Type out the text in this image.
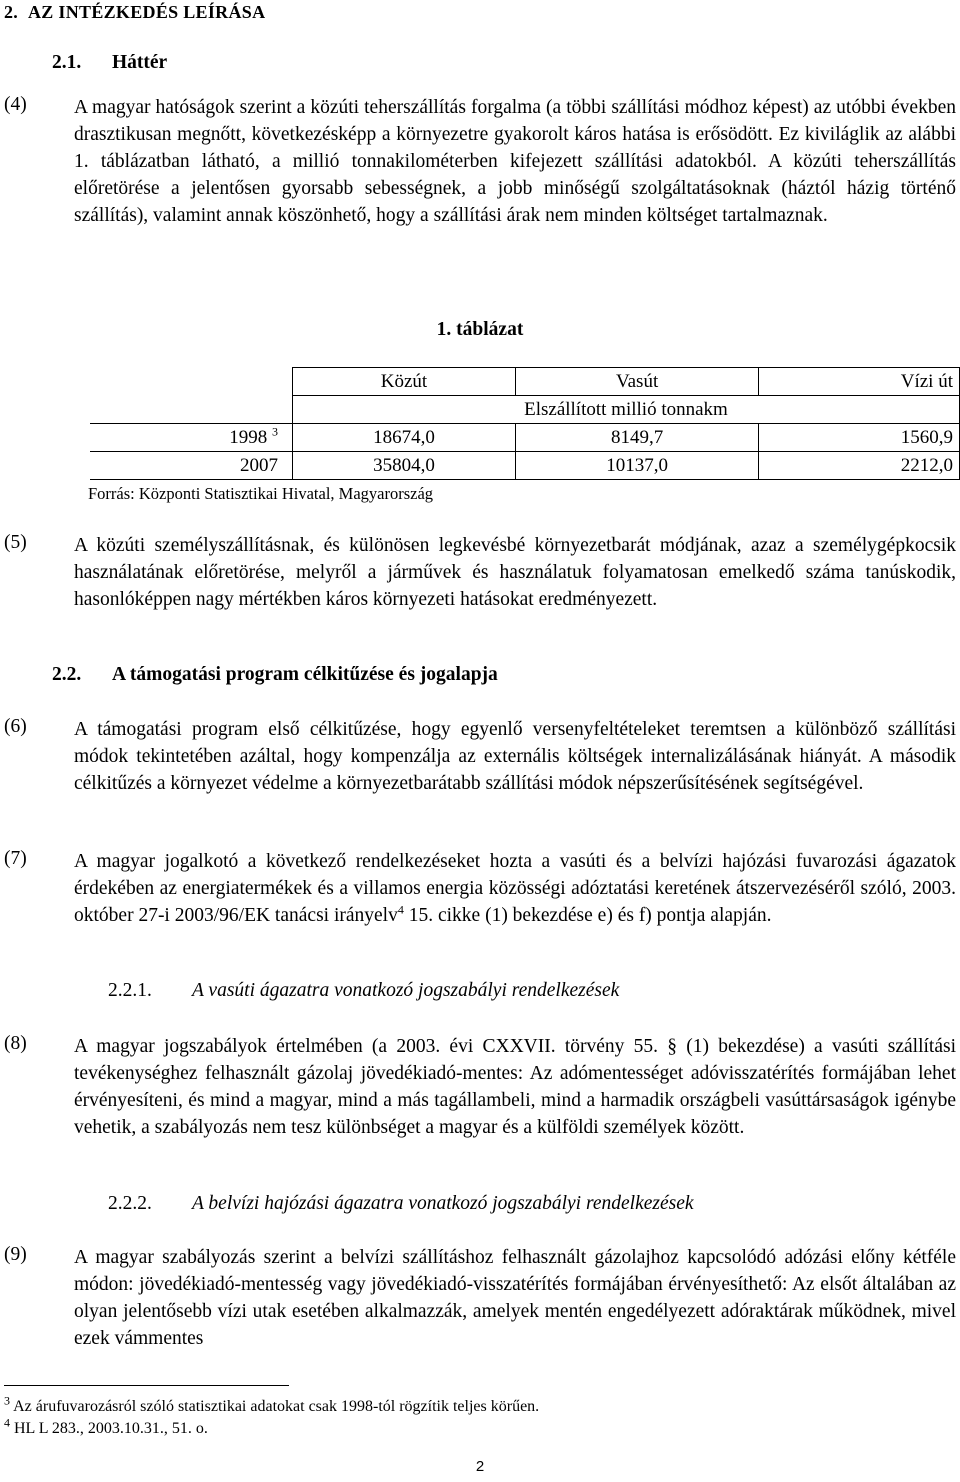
2. AZ INTÉZKEDÉS LEÍRÁSA
2.1. Háttér
(4) A magyar hatóságok szerint a közúti teherszállítás forgalma (a többi szállítási módhoz képest) az utóbbi években drasztikusan megnőtt, következésképp a környezetre gyakorolt káros hatása is erősödött. Ez kiviláglik az alábbi 1. táblázatban látható, a millió tonnakilométerben kifejezett szállítási adatokból. A közúti teherszállítás előretörése a jelentősen gyorsabb sebességnek, a jobb minőségű szolgáltatásoknak (háztól házig történő szállítás), valamint annak köszönhető, hogy a szállítási árak nem minden költséget tartalmaznak.
1. táblázat
	Közút	Vasút	Vízi út
	Elszállított millió tonnakm		
1998 $^3$	18674,0	8149,7	1560,9
2007	35804,0	10137,0	2212,0
Forrás: Központi Statisztikai Hivatal, Magyarország
(5) A közúti személyszállításnak, és különösen legkevésbé környezetbarát módjának, azaz a személygépkocsik használatának előretörése, melyről a járművek és használatuk folyamatosan emelkedő száma tanúskodik, hasonlóképpen nagy mértékben káros környezeti hatásokat eredményezett.
2.2. A támogatási program célkitűzése és jogalapja
(6) A támogatási program első célkitűzése, hogy egyenlő versenyfeltételeket teremtsen a különböző szállítási módok tekintetében azáltal, hogy kompenzálja az externális költségek internalizálásának hiányát. A második célkitűzés a környezet védelme a környezetbarátabb szállítási módok népszerűsítésének segítségével.
(7) A magyar jogalkotó a következő rendelkezéseket hozta a vasúti és a belvízi hajózási fuvarozási ágazatok érdekében az energiatermékek és a villamos energia közösségi adóztatási keretének átszervezéséről szóló, 2003. október 27-i 2003/96/EK tanácsi irányelv$^4$ 15. cikke (1) bekezdése e) és f) pontja alapján.
2.2.1. A vasúti ágazatra vonatkozó jogszabályi rendelkezések
(8) A magyar jogszabályok értelmében (a 2003. évi CXXVII. törvény 55. § (1) bekezdése) a vasúti szállítási tevékenységhez felhasznált gázolaj jövedékiadó-mentes: Az adómentességet adóvisszatérítés formájában lehet érvényesíteni, és mind a magyar, mind a más tagállambeli, mind a harmadik országbeli vasúttársaságok igénybe vehetik, a szabályozás nem tesz különbséget a magyar és a külföldi személyek között.
2.2.2. A belvízi hajózási ágazatra vonatkozó jogszabályi rendelkezések
(9) A magyar szabályozás szerint a belvízi szállításhoz felhasznált gázolajhoz kapcsolódó adózási előny kétféle módon: jövedékiadó-mentesség vagy jövedékiadó-visszatérítés formájában érvényesíthető: Az elsőt általában az olyan jelentősebb vízi utak esetében alkalmazzák, amelyek mentén engedélyezett adóraktárak működnek, mivel ezek vámmentes
$^3$ Az árufuvarozásról szóló statisztikai adatokat csak 1998-tól rögzítik teljes körűen.
$^4$ HL L 283., 2003.10.31., 51. o.
2
